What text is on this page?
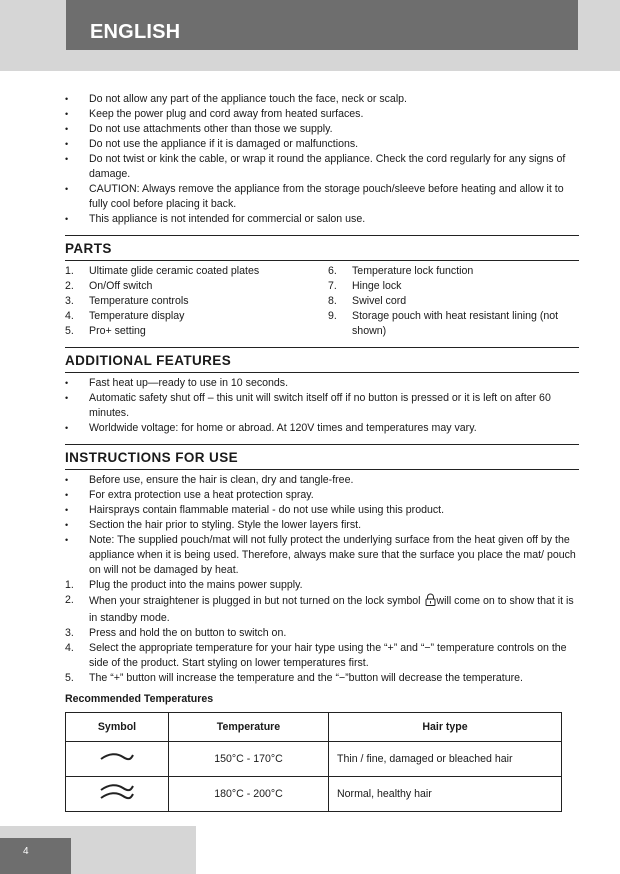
ENGLISH
• Do not allow any part of the appliance touch the face, neck or scalp.
• Keep the power plug and cord away from heated surfaces.
• Do not use attachments other than those we supply.
• Do not use the appliance if it is damaged or malfunctions.
• Do not twist or kink the cable, or wrap it round the appliance. Check the cord regularly for any signs of damage.
• CAUTION: Always remove the appliance from the storage pouch/sleeve before heating and allow it to fully cool before placing it back.
• This appliance is not intended for commercial or salon use.
PARTS
1. Ultimate glide ceramic coated plates
2. On/Off switch
3. Temperature controls
4. Temperature display
5. Pro+ setting
6. Temperature lock function
7. Hinge lock
8. Swivel cord
9. Storage pouch with heat resistant lining (not shown)
ADDITIONAL FEATURES
• Fast heat up—ready to use in 10 seconds.
• Automatic safety shut off – this unit will switch itself off if no button is pressed or it is left on after 60 minutes.
• Worldwide voltage: for home or abroad. At 120V times and temperatures may vary.
INSTRUCTIONS FOR USE
• Before use, ensure the hair is clean, dry and tangle-free.
• For extra protection use a heat protection spray.
• Hairsprays contain flammable material - do not use while using this product.
• Section the hair prior to styling. Style the lower layers first.
• Note: The supplied pouch/mat will not fully protect the underlying surface from the heat given off by the appliance when it is being used. Therefore, always make sure that the surface you place the mat/ pouch on will not be damaged by heat.
1. Plug the product into the mains power supply.
2. When your straightener is plugged in but not turned on the lock symbol will come on to show that it is in standby mode.
3. Press and hold the on button to switch on.
4. Select the appropriate temperature for your hair type using the “+” and “−” temperature controls on the side of the product. Start styling on lower temperatures first.
5. The “+” button will increase the temperature and the “−”button will decrease the temperature.
Recommended Temperatures
Symbol	Temperature	Hair type
	150°C - 170°C	Thin / fine, damaged or bleached hair
	180°C - 200°C	Normal, healthy hair
4
